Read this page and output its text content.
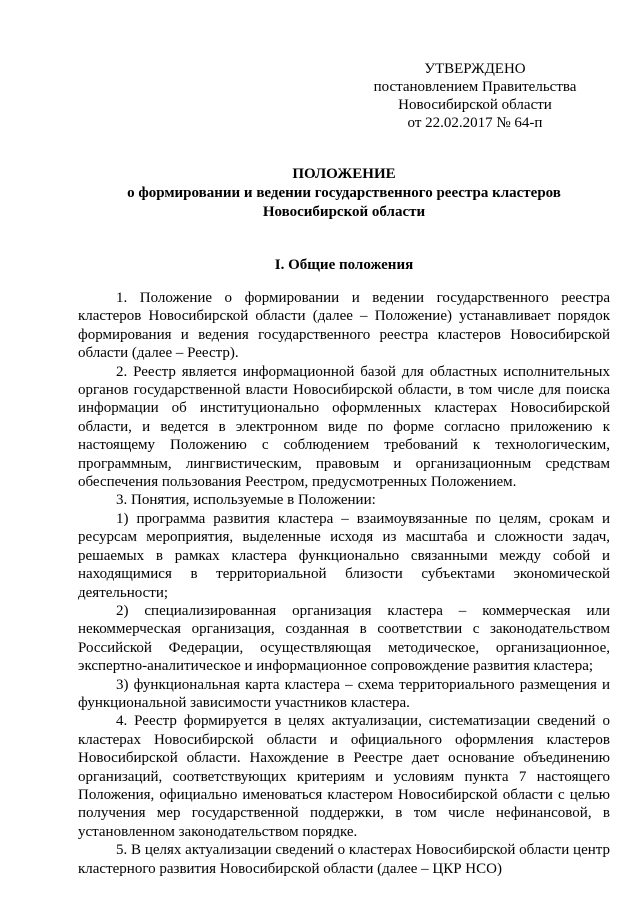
УТВЕРЖДЕНО
постановлением Правительства
Новосибирской области
от 22.02.2017 № 64-п
ПОЛОЖЕНИЕ
о формировании и ведении государственного реестра кластеров
Новосибирской области
I. Общие положения

1. Положение о формировании и ведении государственного реестра кластеров Новосибирской области (далее – Положение) устанавливает порядок формирования и ведения государственного реестра кластеров Новосибирской области (далее – Реестр).

2. Реестр является информационной базой для областных исполнительных органов государственной власти Новосибирской области, в том числе для поиска информации об институционально оформленных кластерах Новосибирской области, и ведется в электронном виде по форме согласно приложению к настоящему Положению с соблюдением требований к технологическим, программным, лингвистическим, правовым и организационным средствам обеспечения пользования Реестром, предусмотренных Положением.

3. Понятия, используемые в Положении:

1) программа развития кластера – взаимоувязанные по целям, срокам и ресурсам мероприятия, выделенные исходя из масштаба и сложности задач, решаемых в рамках кластера функционально связанными между собой и находящимися в территориальной близости субъектами экономической деятельности;

2) специализированная организация кластера – коммерческая или некоммерческая организация, созданная в соответствии с законодательством Российской Федерации, осуществляющая методическое, организационное, экспертно-аналитическое и информационное сопровождение развития кластера;

3) функциональная карта кластера – схема территориального размещения и функциональной зависимости участников кластера.

4. Реестр формируется в целях актуализации, систематизации сведений о кластерах Новосибирской области и официального оформления кластеров Новосибирской области. Нахождение в Реестре дает основание объединению организаций, соответствующих критериям и условиям пункта 7 настоящего Положения, официально именоваться кластером Новосибирской области с целью получения мер государственной поддержки, в том числе нефинансовой, в установленном законодательством порядке.

5. В целях актуализации сведений о кластерах Новосибирской области центр кластерного развития Новосибирской области (далее – ЦКР НСО)
